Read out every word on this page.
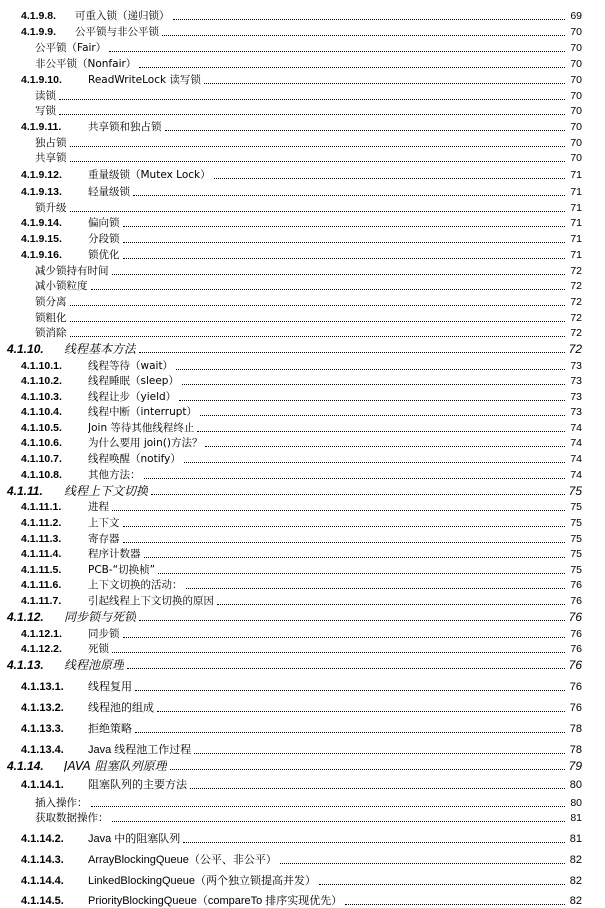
4.1.9.8.	可重入锁（递归锁）	69
4.1.9.9.	公平锁与非公平锁	70
公平锁（Fair）	70
非公平锁（Nonfair）	70
4.1.9.10.	ReadWriteLock 读写锁	70
读锁	70
写锁	70
4.1.9.11.	共享锁和独占锁	70
独占锁	70
共享锁	70
4.1.9.12.	重量级锁（Mutex Lock）	71
4.1.9.13.	轻量级锁	71
锁升级	71
4.1.9.14.	偏向锁	71
4.1.9.15.	分段锁	71
4.1.9.16.	锁优化	71
减少锁持有时间	72
减小锁粒度	72
锁分离	72
锁粗化	72
锁消除	72
4.1.10.	线程基本方法	72
4.1.10.1.	线程等待（wait）	73
4.1.10.2.	线程睡眠（sleep）	73
4.1.10.3.	线程让步（yield）	73
4.1.10.4.	线程中断（interrupt）	73
4.1.10.5.	Join 等待其他线程终止	74
4.1.10.6.	为什么要用 join()方法？	74
4.1.10.7.	线程唤醒（notify）	74
4.1.10.8.	其他方法：	74
4.1.11.	线程上下文切换	75
4.1.11.1.	进程	75
4.1.11.2.	上下文	75
4.1.11.3.	寄存器	75
4.1.11.4.	程序计数器	75
4.1.11.5.	PCB-“切换桢”	75
4.1.11.6.	上下文切换的活动：	76
4.1.11.7.	引起线程上下文切换的原因	76
4.1.12.	同步锁与死锁	76
4.1.12.1.	同步锁	76
4.1.12.2.	死锁	76
4.1.13.	线程池原理	76
4.1.13.1.	线程复用	76
4.1.13.2.	线程池的组成	76
4.1.13.3.	拒绝策略	78
4.1.13.4.	Java 线程池工作过程	78
4.1.14.	JAVA 阻塞队列原理	79
4.1.14.1.	阻塞队列的主要方法	80
插入操作：	80
获取数据操作：	81
4.1.14.2.	Java 中的阻塞队列	81
4.1.14.3.	ArrayBlockingQueue（公平、非公平）	82
4.1.14.4.	LinkedBlockingQueue（两个独立锁提高并发）	82
4.1.14.5.	PriorityBlockingQueue（compareTo 排序实现优先）	82
